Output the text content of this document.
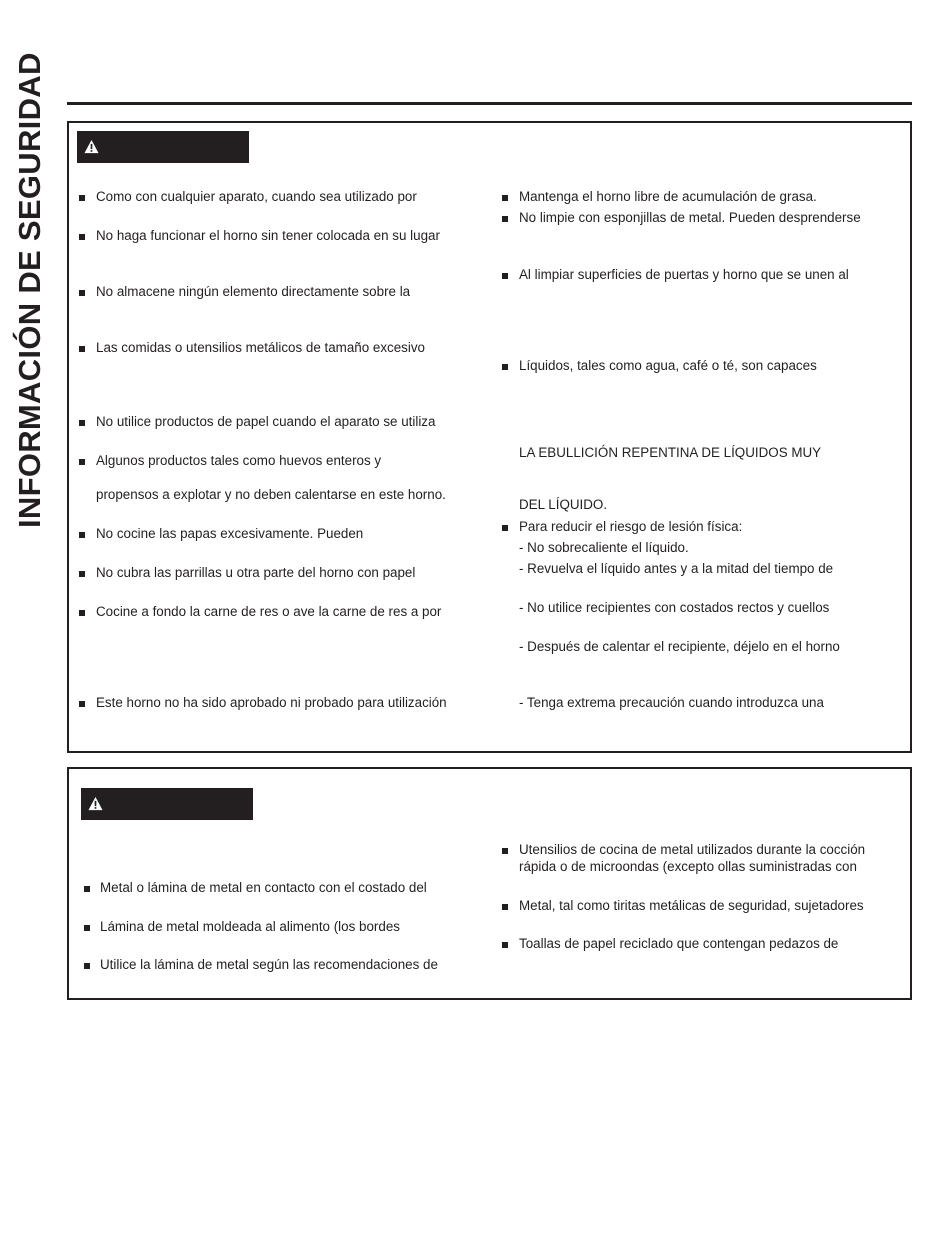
INFORMACIÓN DE SEGURIDAD	Como con cualquier aparato, cuando sea utilizado por
No haga funcionar el horno sin tener colocada en su lugar
No almacene ningún elemento directamente sobre la
Las comidas o utensilios metálicos de tamaño excesivo
No utilice productos de papel cuando el aparato se utiliza
Algunos productos tales como huevos enteros y
propensos a explotar y no deben calentarse en este horno.
No cocine las papas excesivamente. Pueden
No cubra las parrillas u otra parte del horno con papel
Cocine a fondo la carne de res o ave la carne de res a por
Este horno no ha sido aprobado ni probado para utilización
Mantenga el horno libre de acumulación de grasa.
No limpie con esponjillas de metal. Pueden desprenderse
Al limpiar superficies de puertas y horno que se unen al
Líquidos, tales como agua, café o té, son capaces
LA EBULLICIÓN REPENTINA DE LÍQUIDOS MUY
DEL LÍQUIDO.
Para reducir el riesgo de lesión física:
- No sobrecaliente el líquido.
- Revuelva el líquido antes y a la mitad del tiempo de
- No utilice recipientes con costados rectos y cuellos
- Después de calentar el recipiente, déjelo en el horno
- Tenga extrema precaución cuando introduzca una
Metal o lámina de metal en contacto con el costado del
Lámina de metal moldeada al alimento (los bordes
Utilice la lámina de metal según las recomendaciones de
Utensilios de cocina de metal utilizados durante la cocción
rápida o de microondas (excepto ollas suministradas con
Metal, tal como tiritas metálicas de seguridad, sujetadores
Toallas de papel reciclado que contengan pedazos de
